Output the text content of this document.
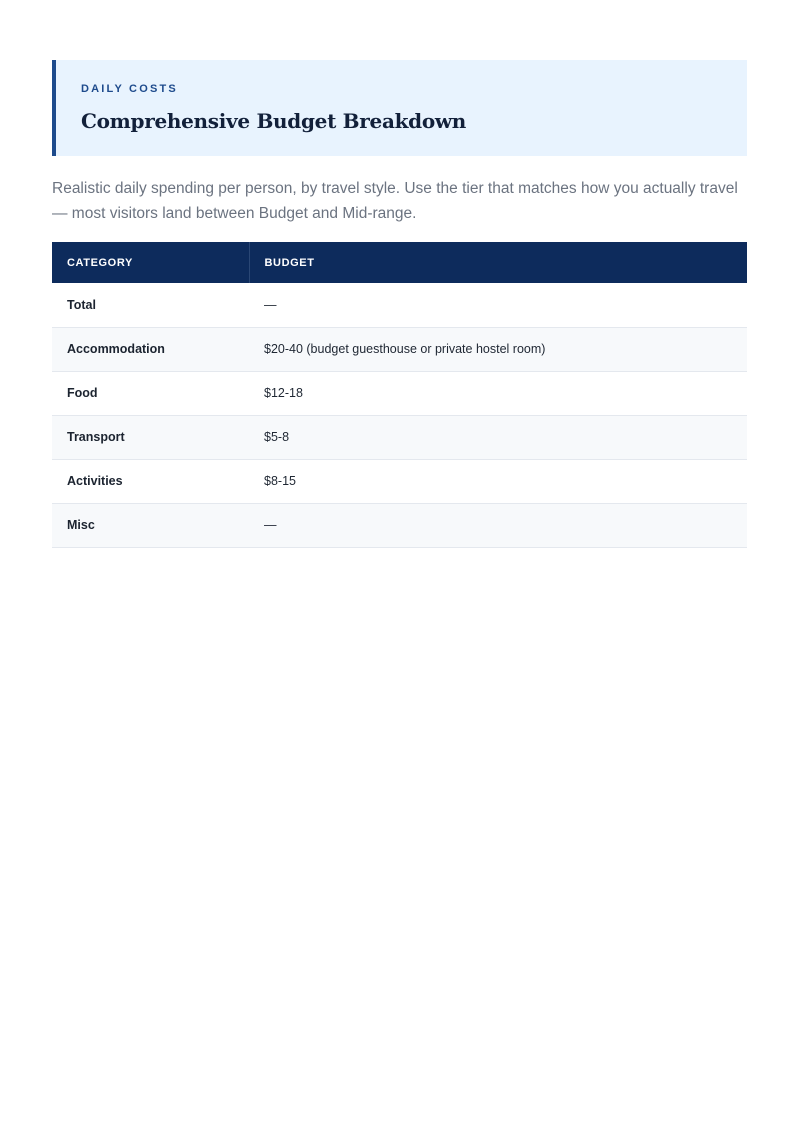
DAILY COSTS
Comprehensive Budget Breakdown

Realistic daily spending per person, by travel style. Use the tier that matches how you actually travel — most visitors land between Budget and Mid-range.

CATEGORY	BUDGET
Total	—
Accommodation	$20-40 (budget guesthouse or private hostel room)
Food	$12-18
Transport	$5-8
Activities	$8-15
Misc	—
